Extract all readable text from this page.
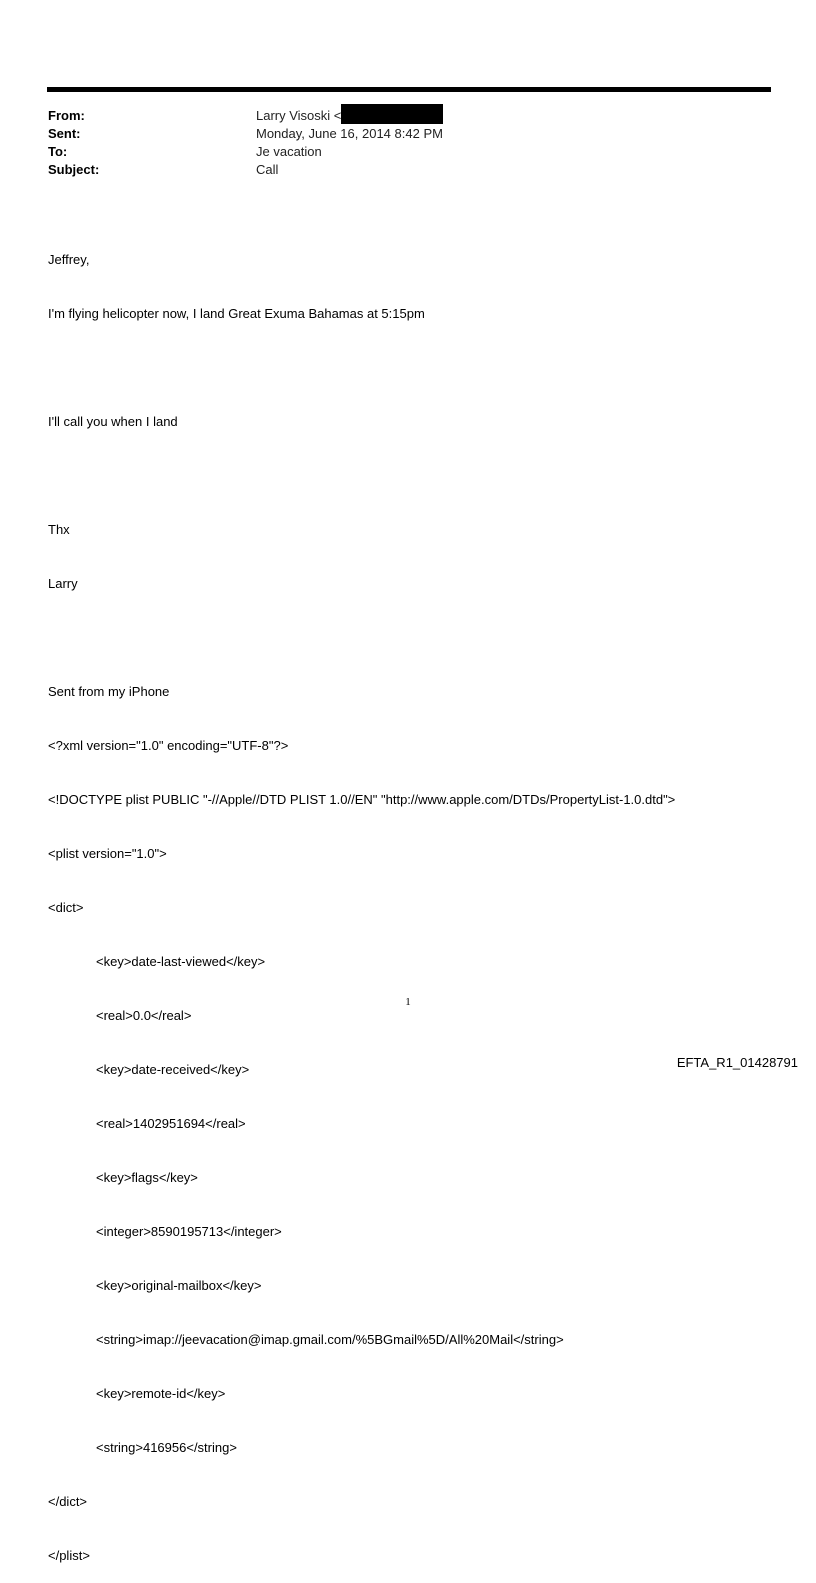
From:	Larry Visoski <
Sent:	Monday, June 16, 2014 8:42 PM
To:	Je vacation
Subject:	Call

Jeffrey,

I'm flying helicopter now, I land Great Exuma Bahamas at 5:15pm

I'll call you when I land

Thx

Larry

Sent from my iPhone

<?xml version="1.0" encoding="UTF-8"?>

<!DOCTYPE plist PUBLIC "-//Apple//DTD PLIST 1.0//EN" "http://www.apple.com/DTDs/PropertyList-1.0.dtd">

<plist version="1.0">

<dict>

<key>date-last-viewed</key>

<real>0.0</real>

<key>date-received</key>

<real>1402951694</real>

<key>flags</key>

<integer>8590195713</integer>

<key>original-mailbox</key>

<string>imap://jeevacation@imap.gmail.com/%5BGmail%5D/All%20Mail</string>

<key>remote-id</key>

<string>416956</string>

</dict>

</plist>

1
EFTA_R1_01428791
